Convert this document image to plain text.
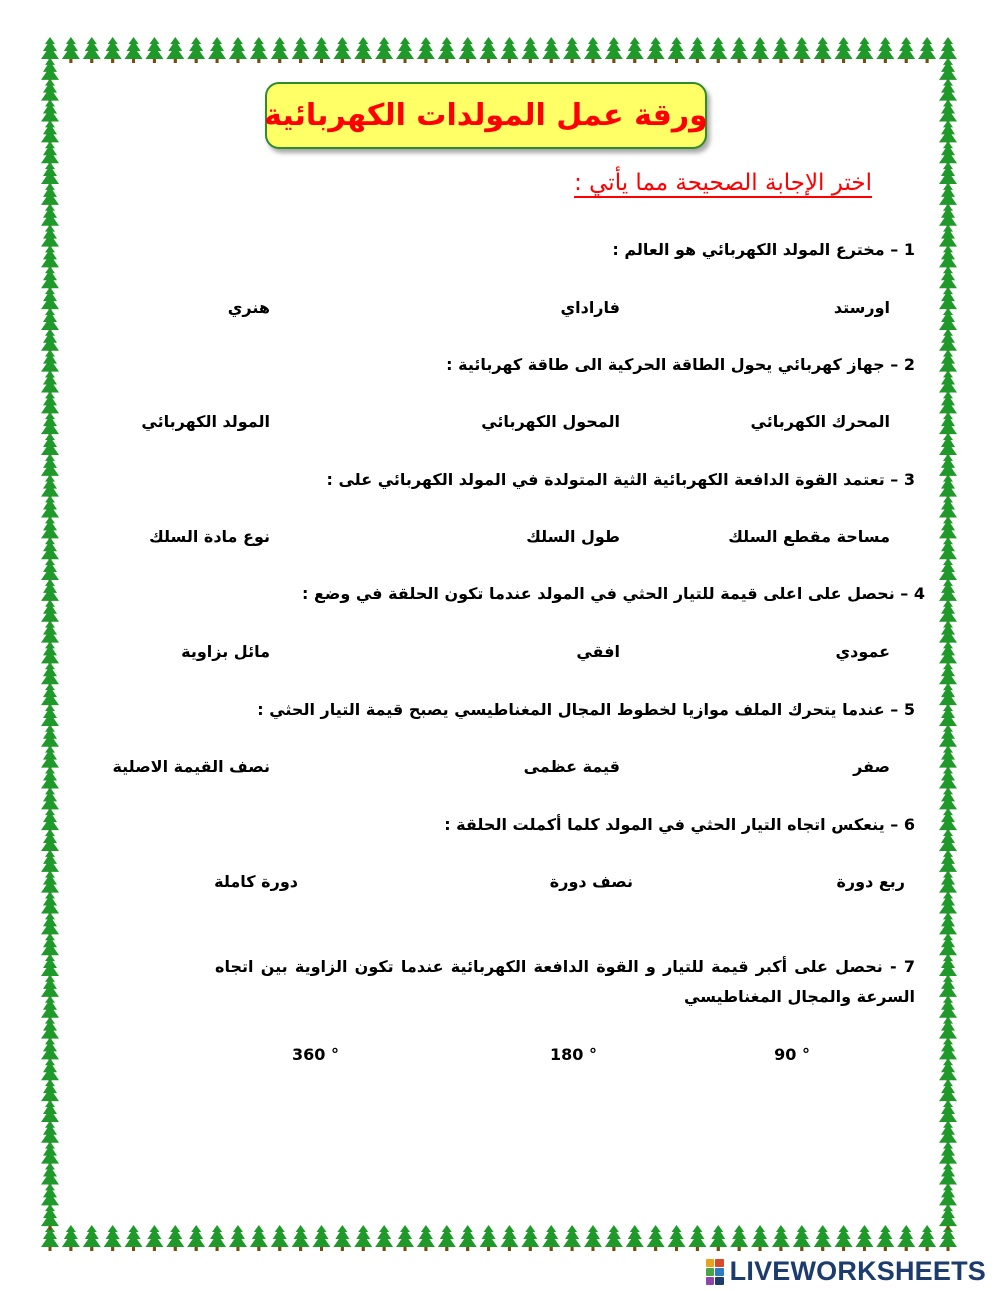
ورقة عمل المولدات الكهربائية
اختر الإجابة الصحيحة مما يأتي :
1 – مخترع المولد الكهربائي هو العالم :
اورستد
فاراداي
هنري
2 – جهاز كهربائي يحول الطاقة الحركية الى طاقة كهربائية :
المحرك الكهربائي
المحول الكهربائي
المولد الكهربائي
3 – تعتمد القوة الدافعة الكهربائية الثية المتولدة في المولد الكهربائي على :
مساحة مقطع السلك
طول السلك
نوع مادة السلك
4 – نحصل على اعلى قيمة للتيار الحثي في المولد عندما تكون الحلقة في وضع :
عمودي
افقي
مائل بزاوية
5 – عندما يتحرك الملف موازيا لخطوط المجال المغناطيسي يصبح قيمة التيار الحثي :
صفر
قيمة عظمى
نصف القيمة الاصلية
6 – ينعكس اتجاه التيار الحثي في المولد كلما أكملت الحلقة :
ربع دورة
نصف دورة
دورة كاملة
7 - نحصل على أكبر قيمة للتيار و القوة الدافعة الكهربائية عندما تكون الزاوية بين اتجاه السرعة والمجال المغناطيسي
90 °
180 °
360 °
LIVEWORKSHEETS
